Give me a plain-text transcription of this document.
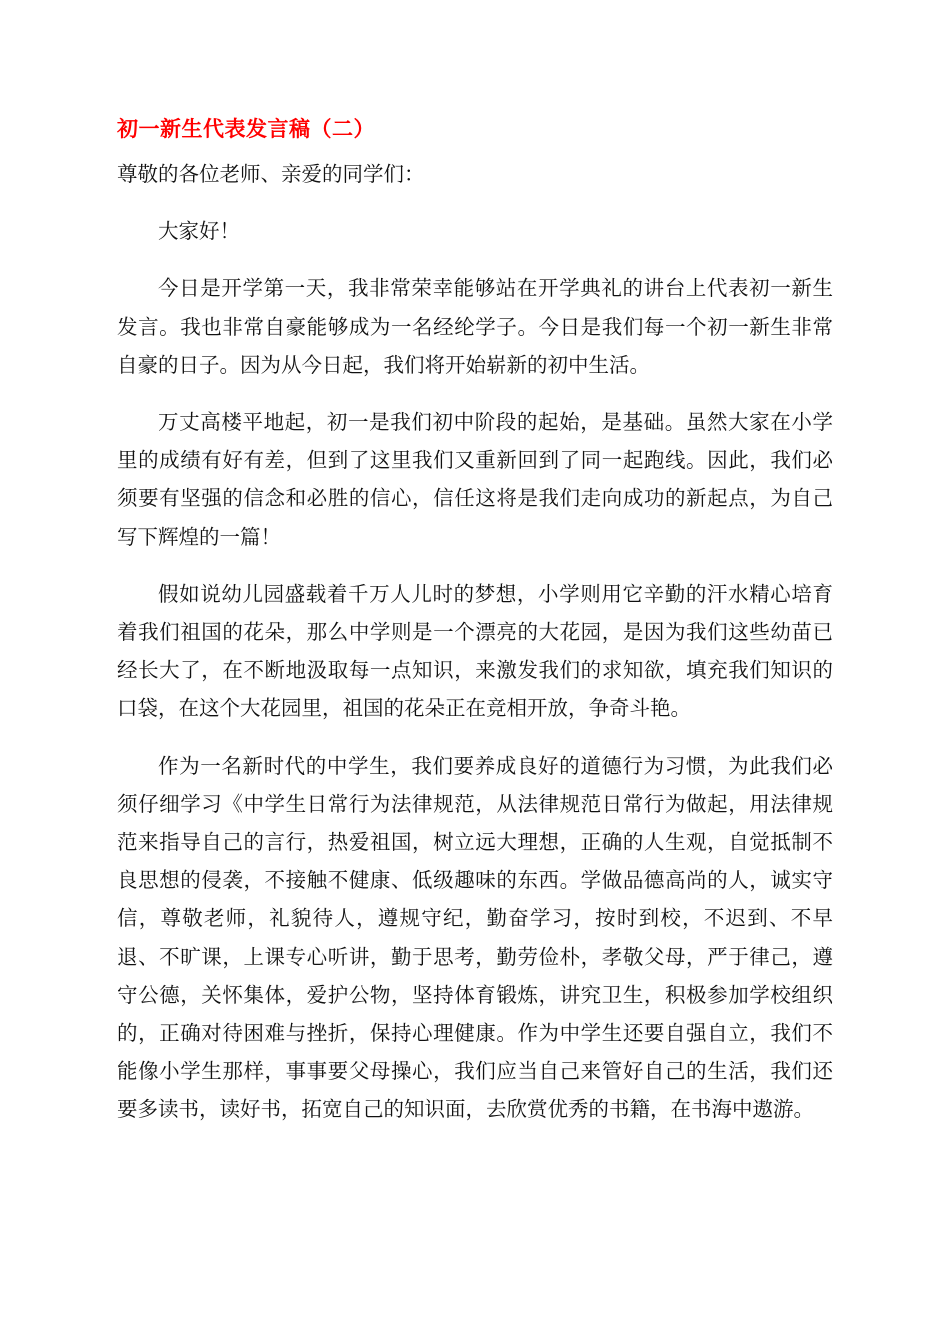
初一新生代表发言稿（二）

尊敬的各位老师、亲爱的同学们：

大家好！

今日是开学第一天，我非常荣幸能够站在开学典礼的讲台上代表初一新生发言。我也非常自豪能够成为一名经纶学子。今日是我们每一个初一新生非常自豪的日子。因为从今日起，我们将开始崭新的初中生活。

万丈高楼平地起，初一是我们初中阶段的起始，是基础。虽然大家在小学里的成绩有好有差，但到了这里我们又重新回到了同一起跑线。因此，我们必须要有坚强的信念和必胜的信心，信任这将是我们走向成功的新起点，为自己写下辉煌的一篇！

假如说幼儿园盛载着千万人儿时的梦想，小学则用它辛勤的汗水精心培育着我们祖国的花朵，那么中学则是一个漂亮的大花园，是因为我们这些幼苗已经长大了，在不断地汲取每一点知识，来激发我们的求知欲，填充我们知识的口袋，在这个大花园里，祖国的花朵正在竞相开放，争奇斗艳。

作为一名新时代的中学生，我们要养成良好的道德行为习惯，为此我们必须仔细学习《中学生日常行为法律规范，从法律规范日常行为做起，用法律规范来指导自己的言行，热爱祖国，树立远大理想，正确的人生观，自觉抵制不良思想的侵袭，不接触不健康、低级趣味的东西。学做品德高尚的人，诚实守信，尊敬老师，礼貌待人，遵规守纪，勤奋学习，按时到校，不迟到、不早退、不旷课，上课专心听讲，勤于思考，勤劳俭朴，孝敬父母，严于律己，遵守公德，关怀集体，爱护公物，坚持体育锻炼，讲究卫生，积极参加学校组织的，正确对待困难与挫折，保持心理健康。作为中学生还要自强自立，我们不能像小学生那样，事事要父母操心，我们应当自己来管好自己的生活，我们还要多读书，读好书，拓宽自己的知识面，去欣赏优秀的书籍，在书海中遨游。
